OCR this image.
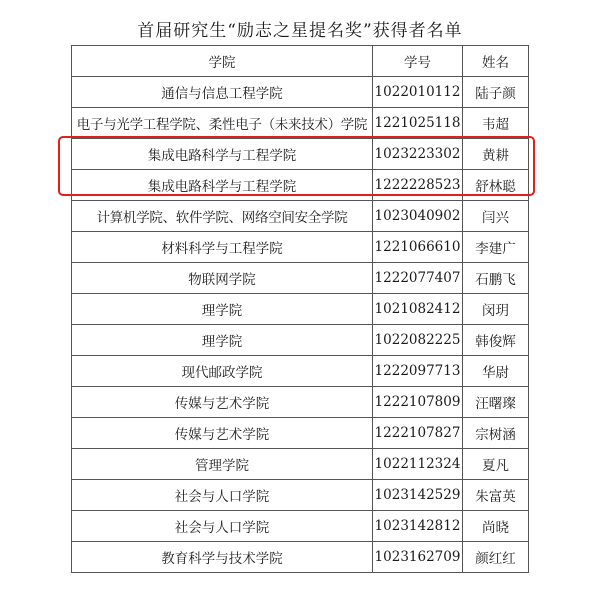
首届研究生“励志之星提名奖”获得者名单
学院	学号	姓名
通信与信息工程学院	1022010112	陆子颜
电子与光学工程学院、柔性电子（未来技术）学院	1221025118	韦超
集成电路科学与工程学院	1023223302	黄耕
集成电路科学与工程学院	1222228523	舒林聪
计算机学院、软件学院、网络空间安全学院	1023040902	闫兴
材料科学与工程学院	1221066610	李建广
物联网学院	1222077407	石鹏飞
理学院	1021082412	闵玥
理学院	1022082225	韩俊辉
现代邮政学院	1222097713	华尉
传媒与艺术学院	1222107809	汪曙璨
传媒与艺术学院	1222107827	宗树涵
管理学院	1022112324	夏凡
社会与人口学院	1023142529	朱富英
社会与人口学院	1023142812	尚晓
教育科学与技术学院	1023162709	颜红红
